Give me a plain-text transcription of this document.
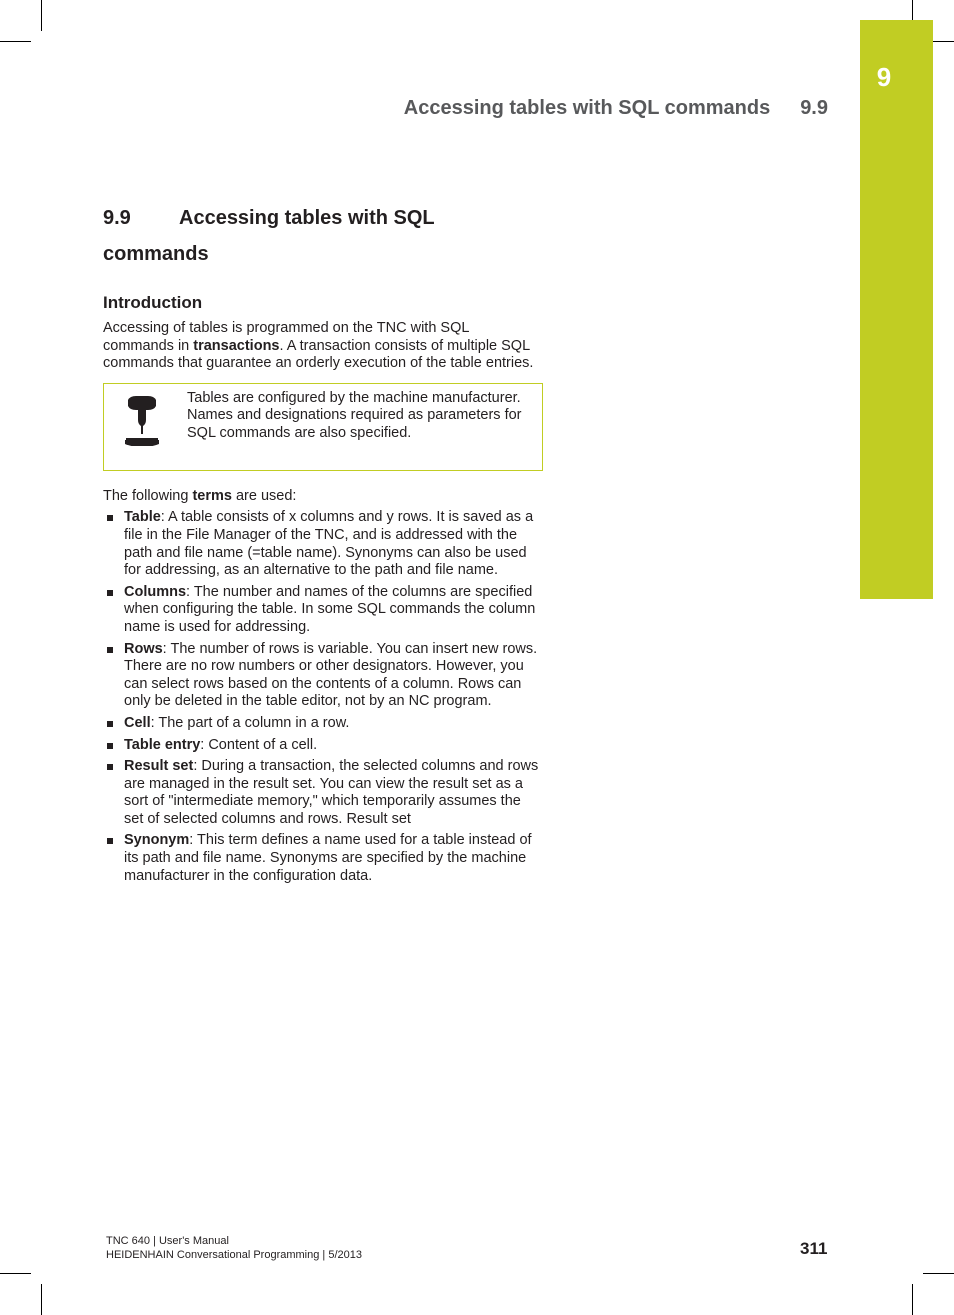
9
Accessing tables with SQL commands 9.9
9.9 Accessing tables with SQL commands
Introduction

Accessing of tables is programmed on the TNC with SQL commands in transactions. A transaction consists of multiple SQL commands that guarantee an orderly execution of the table entries.

Tables are configured by the machine manufacturer. Names and designations required as parameters for SQL commands are also specified.

The following terms are used:

Table: A table consists of x columns and y rows. It is saved as a file in the File Manager of the TNC, and is addressed with the path and file name (=table name). Synonyms can also be used for addressing, as an alternative to the path and file name.
Columns: The number and names of the columns are specified when configuring the table. In some SQL commands the column name is used for addressing.
Rows: The number of rows is variable. You can insert new rows. There are no row numbers or other designators. However, you can select rows based on the contents of a column. Rows can only be deleted in the table editor, not by an NC program.
Cell: The part of a column in a row.
Table entry: Content of a cell.
Result set: During a transaction, the selected columns and rows are managed in the result set. You can view the result set as a sort of "intermediate memory," which temporarily assumes the set of selected columns and rows. Result set
Synonym: This term defines a name used for a table instead of its path and file name. Synonyms are specified by the machine manufacturer in the configuration data.
TNC 640 | User's Manual
HEIDENHAIN Conversational Programming | 5/2013	311
